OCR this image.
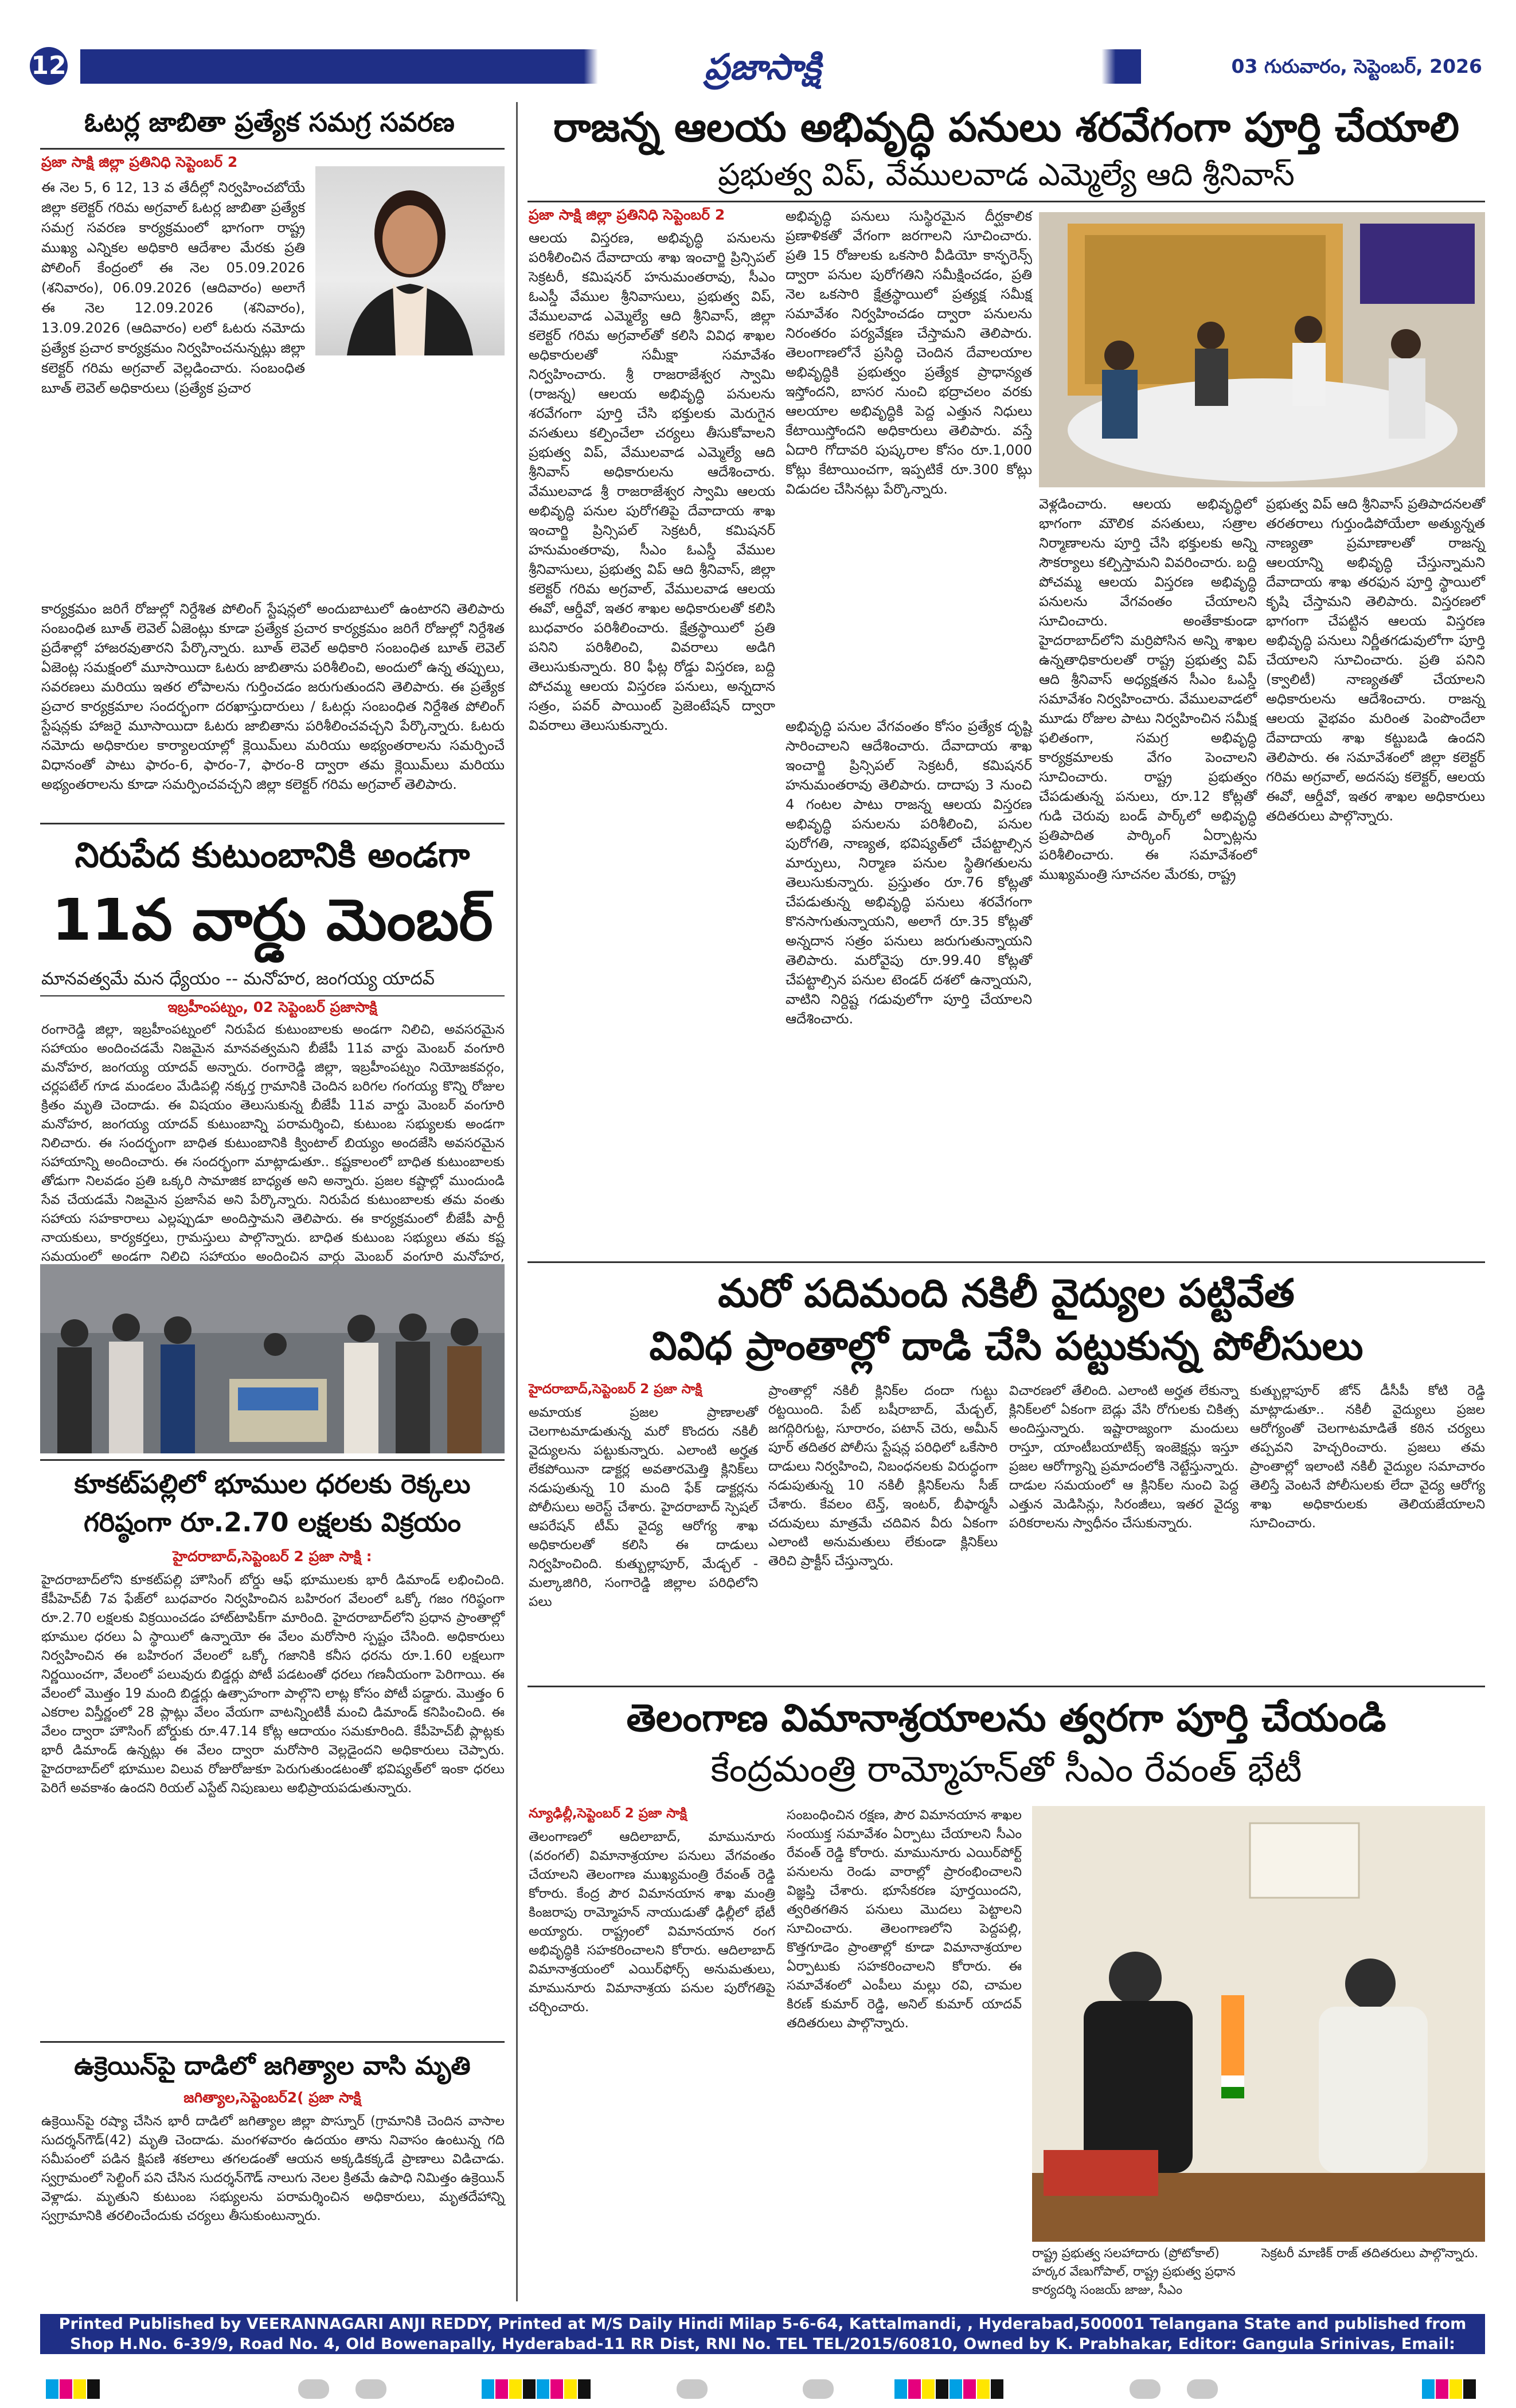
12	ప్రజాసాక్షి	03 గురువారం, సెప్టెంబర్, 2026
ఓటర్ల జాబితా ప్రత్యేక సమగ్ర సవరణ
ప్రజా సాక్షి జిల్లా ప్రతినిధి సెప్టెంబర్ 2

ఈ నెల 5, 6 12, 13 వ తేదీల్లో నిర్వహించబోయే జిల్లా కలెక్టర్ గరిమ అగ్రవాల్ ఓటర్ల జాబితా ప్రత్యేక సమగ్ర సవరణ కార్యక్రమంలో భాగంగా రాష్ట్ర ముఖ్య ఎన్నికల అధికారి ఆదేశాల మేరకు ప్రతి పోలింగ్ కేంద్రంలో ఈ నెల 05.09.2026 (శనివారం), 06.09.2026 (ఆదివారం) అలాగే ఈ నెల 12.09.2026 (శనివారం), 13.09.2026 (ఆదివారం) లలో ఓటరు నమోదు ప్రత్యేక ప్రచార కార్యక్రమం నిర్వహించనున్నట్లు జిల్లా కలెక్టర్ గరిమ అగ్రవాల్ వెల్లడించారు. సంబంధిత బూత్ లెవెల్ అధికారులు (ప్రత్యేక ప్రచార

కార్యక్రమం జరిగే రోజుల్లో నిర్దేశిత పోలింగ్ స్టేషన్లలో అందుబాటులో ఉంటారని తెలిపారు సంబంధిత బూత్ లెవెల్ ఏజెంట్లు కూడా ప్రత్యేక ప్రచార కార్యక్రమం జరిగే రోజుల్లో నిర్దేశిత ప్రదేశాల్లో హాజరవుతారని పేర్కొన్నారు. బూత్ లెవెల్ అధికారి సంబంధిత బూత్ లెవెల్ ఏజెంట్ల సమక్షంలో మూసాయిదా ఓటరు జాబితాను పరిశీలించి, అందులో ఉన్న తప్పులు, సవరణలు మరియు ఇతర లోపాలను గుర్తించడం జరుగుతుందని తెలిపారు. ఈ ప్రత్యేక ప్రచార కార్యక్రమాల సందర్భంగా దరఖాస్తుదారులు / ఓటర్లు సంబంధిత నిర్దేశిత పోలింగ్ స్టేషన్లకు హాజరై మూసాయిదా ఓటరు జాబితాను పరిశీలించవచ్చని పేర్కొన్నారు. ఓటరు నమోదు అధికారుల కార్యాలయాల్లో క్లెయిమ్‌లు మరియు అభ్యంతరాలను సమర్పించే విధానంతో పాటు ఫారం-6, ఫారం-7, ఫారం-8 ద్వారా తమ క్లెయిమ్‌లు మరియు అభ్యంతరాలను కూడా సమర్పించవచ్చని జిల్లా కలెక్టర్ గరిమ అగ్రవాల్ తెలిపారు.

నిరుపేద కుటుంబానికి అండగా
11వ వార్డు మెంబర్
మానవత్వమే మన ధ్యేయం -- మనోహర, జంగయ్య యాదవ్
ఇబ్రహీంపట్నం, 02 సెప్టెంబర్ ప్రజాసాక్షి

రంగారెడ్డి జిల్లా, ఇబ్రహీంపట్నంలో నిరుపేద కుటుంబాలకు అండగా నిలిచి, అవసరమైన సహాయం అందించడమే నిజమైన మానవత్వమని బీజేపీ 11వ వార్డు మెంబర్ వంగూరి మనోహర, జంగయ్య యాదవ్ అన్నారు. రంగారెడ్డి జిల్లా, ఇబ్రహీంపట్నం నియోజకవర్గం, చర్లపటేల్ గూడ మండలం మేడిపల్లి నక్కర్త గ్రామానికి చెందిన బరిగల గంగయ్య కొన్ని రోజుల క్రితం మృతి చెందాడు. ఈ విషయం తెలుసుకున్న బీజేపీ 11వ వార్డు మెంబర్ వంగూరి మనోహర, జంగయ్య యాదవ్ కుటుంబాన్ని పరామర్శించి, కుటుంబ సభ్యులకు అండగా నిలిచారు. ఈ సందర్భంగా బాధిత కుటుంబానికి క్వింటాల్ బియ్యం అందజేసి అవసరమైన సహాయాన్ని అందించారు. ఈ సందర్భంగా మాట్లాడుతూ.. కష్టకాలంలో బాధిత కుటుంబాలకు తోడుగా నిలవడం ప్రతి ఒక్కరి సామాజిక బాధ్యత అని అన్నారు. ప్రజల కష్టాల్లో ముందుండి సేవ చేయడమే నిజమైన ప్రజాసేవ అని పేర్కొన్నారు. నిరుపేద కుటుంబాలకు తమ వంతు సహాయ సహకారాలు ఎల్లప్పుడూ అందిస్తామని తెలిపారు. ఈ కార్యక్రమంలో బీజేపీ పార్టీ నాయకులు, కార్యకర్తలు, గ్రామస్తులు పాల్గొన్నారు. బాధిత కుటుంబ సభ్యులు తమ కష్ట సమయంలో అండగా నిలిచి సహాయం అందించిన వార్డు మెంబర్ వంగూరి మనోహర,

కూకట్‌పల్లిలో భూముల ధరలకు రెక్కలు
గరిష్ఠంగా రూ.2.70 లక్షలకు విక్రయం
హైదరాబాద్,సెప్టెంబర్ 2 ప్రజా సాక్షి :

హైదరాబాద్‌లోని కూకట్‌పల్లి హౌసింగ్ బోర్డు ఆఫ్ భూములకు భారీ డిమాండ్ లభించింది. కేపీహెచ్‌బీ 7వ ఫేజ్‌లో బుధవారం నిర్వహించిన బహిరంగ వేలంలో ఒక్కో గజం గరిష్ఠంగా రూ.2.70 లక్షలకు విక్రయించడం హాట్‌టాపిక్‌గా మారింది. హైదరాబాద్‌లోని ప్రధాన ప్రాంతాల్లో భూముల ధరలు ఏ స్థాయిలో ఉన్నాయో ఈ వేలం మరోసారి స్పష్టం చేసింది. అధికారులు నిర్వహించిన ఈ బహిరంగ వేలంలో ఒక్కో గజానికి కనీస ధరను రూ.1.60 లక్షలుగా నిర్ణయించగా, వేలంలో పలువురు బిడ్డర్లు పోటీ పడటంతో ధరలు గణనీయంగా పెరిగాయి. ఈ వేలంలో మొత్తం 19 మంది బిడ్డర్లు ఉత్సాహంగా పాల్గొని లాట్ల కోసం పోటీ పడ్డారు. మొత్తం 6 ఎకరాల విస్తీర్ణంలో 28 ప్లాట్లు వేలం వేయగా వాటన్నింటికీ మంచి డిమాండ్ కనిపించింది. ఈ వేలం ద్వారా హౌసింగ్ బోర్డుకు రూ.47.14 కోట్ల ఆదాయం సమకూరింది. కేపీహెచ్‌బీ ప్లాట్లకు భారీ డిమాండ్ ఉన్నట్లు ఈ వేలం ద్వారా మరోసారి వెల్లడైందని అధికారులు చెప్పారు. హైదరాబాద్‌లో భూముల విలువ రోజురోజుకూ పెరుగుతుండటంతో భవిష్యత్‌లో ఇంకా ధరలు పెరిగే అవకాశం ఉందని రియల్ ఎస్టేట్ నిపుణులు అభిప్రాయపడుతున్నారు.

ఉక్రెయిన్‌పై దాడిలో జగిత్యాల వాసి మృతి
జగిత్యాల,సెప్టెంబర్2( ప్రజా సాక్షి

ఉక్రెయిన్‌పై రష్యా చేసిన భారీ దాడిలో జగిత్యాల జిల్లా పొస్నూర్ (గ్రామానికి చెందిన వాసాల సుదర్శన్‌గౌడ్(42) మృతి చెందాడు. మంగళవారం ఉదయం తాను నివాసం ఉంటున్న గది సమీపంలో పడిన క్షిపణి శకలాలు తగలడంతో ఆయన అక్కడికక్కడే ప్రాణాలు విడిచాడు. స్వగ్రామంలో సెల్టింగ్ పని చేసిన సుదర్శన్‌గౌడ్ నాలుగు నెలల క్రితమే ఉపాధి నిమిత్తం ఉక్రెయిన్ వెళ్లాడు. మృతుని కుటుంబ సభ్యులను పరామర్శించిన అధికారులు, మృతదేహాన్ని స్వగ్రామానికి తరలించేందుకు చర్యలు తీసుకుంటున్నారు.

రాజన్న ఆలయ అభివృద్ధి పనులు శరవేగంగా పూర్తి చేయాలి
ప్రభుత్వ విప్, వేములవాడ ఎమ్మెల్యే ఆది శ్రీనివాస్
ప్రజా సాక్షి జిల్లా ప్రతినిధి సెప్టెంబర్ 2

ఆలయ విస్తరణ, అభివృద్ధి పనులను పరిశీలించిన దేవాదాయ శాఖ ఇంచార్జి ప్రిన్సిపల్ సెక్రటరీ, కమిషనర్ హనుమంతరావు, సీఎం ఓఎస్డీ వేముల శ్రీనివాసులు, ప్రభుత్వ విప్, వేములవాడ ఎమ్మెల్యే ఆది శ్రీనివాస్, జిల్లా కలెక్టర్ గరిమ అగ్రవాల్‌తో కలిసి వివిధ శాఖల అధికారులతో సమీక్షా సమావేశం నిర్వహించారు. శ్రీ రాజరాజేశ్వర స్వామి (రాజన్న) ఆలయ అభివృద్ధి పనులను శరవేగంగా పూర్తి చేసి భక్తులకు మెరుగైన వసతులు కల్పించేలా చర్యలు తీసుకోవాలని ప్రభుత్వ విప్, వేములవాడ ఎమ్మెల్యే ఆది శ్రీనివాస్ అధికారులను ఆదేశించారు. వేములవాడ శ్రీ రాజరాజేశ్వర స్వామి ఆలయ అభివృద్ధి పనుల పురోగతిపై దేవాదాయ శాఖ ఇంచార్జి ప్రిన్సిపల్ సెక్రటరీ, కమిషనర్ హనుమంతరావు, సీఎం ఓఎస్డీ వేముల శ్రీనివాసులు, ప్రభుత్వ విప్ ఆది శ్రీనివాస్, జిల్లా కలెక్టర్ గరిమ అగ్రవాల్, వేములవాడ ఆలయ ఈవో, ఆర్డీవో, ఇతర శాఖల అధికారులతో కలిసి బుధవారం పరిశీలించారు. క్షేత్రస్థాయిలో ప్రతి పనిని పరిశీలించి, వివరాలు అడిగి తెలుసుకున్నారు. 80 ఫీట్ల రోడ్డు విస్తరణ, బద్ది పోచమ్మ ఆలయ విస్తరణ పనులు, అన్నదాన సత్రం, పవర్ పాయింట్ ప్రెజెంటేషన్ ద్వారా వివరాలు తెలుసుకున్నారు.	అభివృద్ధి పనుల వేగవంతం కోసం ప్రత్యేక దృష్టి సారించాలని ఆదేశించారు. దేవాదాయ శాఖ ఇంచార్జి ప్రిన్సిపల్ సెక్రటరీ, కమిషనర్ హనుమంతరావు తెలిపారు. దాదాపు 3 నుంచి 4 గంటల పాటు రాజన్న ఆలయ విస్తరణ అభివృద్ధి పనులను పరిశీలించి, పనుల పురోగతి, నాణ్యత, భవిష్యత్‌లో చేపట్టాల్సిన మార్పులు, నిర్మాణ పనుల స్థితిగతులను తెలుసుకున్నారు. ప్రస్తుతం రూ.76 కోట్లతో చేపడుతున్న అభివృద్ధి పనులు శరవేగంగా కొనసాగుతున్నాయని, అలాగే రూ.35 కోట్లతో అన్నదాన సత్రం పనులు జరుగుతున్నాయని తెలిపారు. మరోవైపు రూ.99.40 కోట్లతో చేపట్టాల్సిన పనుల టెండర్ దశలో ఉన్నాయని, వాటిని నిర్దిష్ట గడువులోగా పూర్తి చేయాలని ఆదేశించారు.

అభివృద్ధి పనులు సుస్థిరమైన దీర్ఘకాలిక ప్రణాళికతో వేగంగా జరగాలని సూచించారు. ప్రతి 15 రోజులకు ఒకసారి వీడియో కాన్ఫరెన్స్ ద్వారా పనుల పురోగతిని సమీక్షించడం, ప్రతి నెల ఒకసారి క్షేత్రస్థాయిలో ప్రత్యక్ష సమీక్ష సమావేశం నిర్వహించడం ద్వారా పనులను నిరంతరం పర్యవేక్షణ చేస్తామని తెలిపారు. తెలంగాణలోనే ప్రసిద్ధి చెందిన దేవాలయాల అభివృద్ధికి ప్రభుత్వం ప్రత్యేక ప్రాధాన్యత ఇస్తోందని, బాసర నుంచి భద్రాచలం వరకు ఆలయాల అభివృద్ధికి పెద్ద ఎత్తున నిధులు కేటాయిస్తోందని అధికారులు తెలిపారు. వస్తే ఏదారి గోదావరి పుష్కరాల కోసం రూ.1,000 కోట్లు కేటాయించగా, ఇప్పటికే రూ.300 కోట్లు విడుదల చేసినట్లు పేర్కొన్నారు.

వెళ్లడించారు. ఆలయ అభివృద్ధిలో భాగంగా మౌలిక వసతులు, సత్రాల నిర్మాణాలను పూర్తి చేసి భక్తులకు అన్ని సౌకర్యాలు కల్పిస్తామని వివరించారు. బద్ది పోచమ్మ ఆలయ విస్తరణ అభివృద్ధి పనులను వేగవంతం చేయాలని సూచించారు. అంతేకాకుండా హైదరాబాద్‌లోని మర్రిపోసిన అన్ని శాఖల ఉన్నతాధికారులతో రాష్ట్ర ప్రభుత్వ విప్ ఆది శ్రీనివాస్ అధ్యక్షతన సీఎం ఓఎస్డీ సమావేశం నిర్వహించారు. వేములవాడలో మూడు రోజుల పాటు నిర్వహించిన సమీక్ష ఫలితంగా, సమగ్ర అభివృద్ధి కార్యక్రమాలకు వేగం పెంచాలని సూచించారు. రాష్ట్ర ప్రభుత్వం చేపడుతున్న పనులు, రూ.12 కోట్లతో గుడి చెరువు బండ్ పార్క్‌లో అభివృద్ధి ప్రతిపాదిత పార్కింగ్ ఏర్పాట్లను పరిశీలించారు. ఈ సమావేశంలో ముఖ్యమంత్రి సూచనల మేరకు, రాష్ట్ర

ప్రభుత్వ విప్ ఆది శ్రీనివాస్ ప్రతిపాదనలతో తరతరాలు గుర్తుండిపోయేలా అత్యున్నత నాణ్యతా ప్రమాణాలతో రాజన్న ఆలయాన్ని అభివృద్ధి చేస్తున్నామని దేవాదాయ శాఖ తరఫున పూర్తి స్థాయిలో కృషి చేస్తామని తెలిపారు. విస్తరణలో భాగంగా చేపట్టిన ఆలయ విస్తరణ అభివృద్ధి పనులు నిర్ణీతగడువులోగా పూర్తి చేయాలని సూచించారు. ప్రతి పనిని (క్వాలిటీ) నాణ్యతతో చేయాలని అధికారులను ఆదేశించారు. రాజన్న ఆలయ వైభవం మరింత పెంపొందేలా దేవాదాయ శాఖ కట్టుబడి ఉందని తెలిపారు. ఈ సమావేశంలో జిల్లా కలెక్టర్ గరిమ అగ్రవాల్, అదనపు కలెక్టర్, ఆలయ ఈవో, ఆర్డీవో, ఇతర శాఖల అధికారులు తదితరులు పాల్గొన్నారు.

మరో పదిమంది నకిలీ వైద్యుల పట్టివేత
వివిధ ప్రాంతాల్లో దాడి చేసి పట్టుకున్న పోలీసులు
హైదరాబాద్,సెప్టెంబర్ 2 ప్రజా సాక్షి

అమాయక ప్రజల ప్రాణాలతో చెలగాటమాడుతున్న మరో కొందరు నకిలీ వైద్యులను పట్టుకున్నారు. ఎలాంటి అర్హత లేకపోయినా డాక్టర్ల అవతారమెత్తి క్లినిక్‌లు నడుపుతున్న 10 మంది ఫేక్ డాక్టర్లను పోలీసులు అరెస్ట్ చేశారు. హైదరాబాద్ స్పెషల్ ఆపరేషన్ టీమ్ వైద్య ఆరోగ్య శాఖ అధికారులతో కలిసి ఈ దాడులు నిర్వహించింది. కుత్బుల్లాపూర్, మేడ్చల్ - మల్కాజిగిరి, సంగారెడ్డి జిల్లాల పరిధిలోని పలు

ప్రాంతాల్లో నకిలీ క్లినిక్‌ల దందా గుట్టు రట్టయింది. పేట్ బషీరాబాద్, మేడ్చల్, జగద్గిరిగుట్ట, సూరారం, పటాన్ చెరు, అమీన్ పూర్ తదితర పోలీసు స్టేషన్ల పరిధిలో ఒకేసారి దాడులు నిర్వహించి, నిబంధనలకు విరుద్ధంగా నడుపుతున్న 10 నకిలీ క్లినిక్‌లను సీజ్ చేశారు. కేవలం టెన్త్, ఇంటర్, బీఫార్మసీ చదువులు మాత్రమే చదివిన వీరు ఏకంగా ఎలాంటి అనుమతులు లేకుండా క్లినిక్‌లు తెరిచి ప్రాక్టీస్ చేస్తున్నారు.

విచారణలో తేలింది. ఎలాంటి అర్హత లేకున్నా క్లినిక్‌లలో ఏకంగా బెడ్లు వేసి రోగులకు చికిత్స అందిస్తున్నారు. ఇష్టారాజ్యంగా మందులు రాస్తూ, యాంటీబయాటిక్స్ ఇంజెక్షన్లు ఇస్తూ ప్రజల ఆరోగ్యాన్ని ప్రమాదంలోకి నెట్టేస్తున్నారు. దాడుల సమయంలో ఆ క్లినిక్‌ల నుంచి పెద్ద ఎత్తున మెడిసిన్లు, సిరంజీలు, ఇతర వైద్య పరికరాలను స్వాధీనం చేసుకున్నారు.

కుత్బుల్లాపూర్ జోన్ డీసీపీ కోటి రెడ్డి మాట్లాడుతూ.. నకిలీ వైద్యులు ప్రజల ఆరోగ్యంతో చెలగాటమాడితే కఠిన చర్యలు తప్పవని హెచ్చరించారు. ప్రజలు తమ ప్రాంతాల్లో ఇలాంటి నకిలీ వైద్యుల సమాచారం తెలిస్తే వెంటనే పోలీసులకు లేదా వైద్య ఆరోగ్య శాఖ అధికారులకు తెలియజేయాలని సూచించారు.

తెలంగాణ విమానాశ్రయాలను త్వరగా పూర్తి చేయండి
కేంద్రమంత్రి రామ్మోహన్‌తో సీఎం రేవంత్ భేటీ
న్యూఢిల్లీ,సెప్టెంబర్ 2 ప్రజా సాక్షి

తెలంగాణలో ఆదిలాబాద్, మామునూరు (వరంగల్) విమానాశ్రయాల పనులు వేగవంతం చేయాలని తెలంగాణ ముఖ్యమంత్రి రేవంత్ రెడ్డి కోరారు. కేంద్ర పౌర విమానయాన శాఖ మంత్రి కింజరాపు రామ్మోహన్ నాయుడుతో ఢిల్లీలో భేటీ అయ్యారు. రాష్ట్రంలో విమానయాన రంగ అభివృద్ధికి సహకరించాలని కోరారు. ఆదిలాబాద్ విమానాశ్రయంలో ఎయిర్‌ఫోర్స్ అనుమతులు, మామునూరు విమానాశ్రయ పనుల పురోగతిపై చర్చించారు.

సంబంధించిన రక్షణ, పౌర విమానయాన శాఖల సంయుక్త సమావేశం ఏర్పాటు చేయాలని సీఎం రేవంత్ రెడ్డి కోరారు. మామునూరు ఎయిర్‌పోర్ట్ పనులను రెండు వారాల్లో ప్రారంభించాలని విజ్ఞప్తి చేశారు. భూసేకరణ పూర్తయిందని, త్వరితగతిన పనులు మొదలు పెట్టాలని సూచించారు. తెలంగాణలోని పెద్దపల్లి, కొత్తగూడెం ప్రాంతాల్లో కూడా విమానాశ్రయాల ఏర్పాటుకు సహకరించాలని కోరారు. ఈ సమావేశంలో ఎంపీలు మల్లు రవి, చామల కిరణ్ కుమార్ రెడ్డి, అనిల్ కుమార్ యాదవ్ తదితరులు పాల్గొన్నారు.

రాష్ట్ర ప్రభుత్వ సలహాదారు (ప్రోటోకాల్) హర్కర వేణుగోపాల్, రాష్ట్ర ప్రభుత్వ ప్రధాన కార్యదర్శి సంజయ్ జాజు, సీఎం
సెక్రటరీ మాణిక్ రాజ్ తదితరులు పాల్గొన్నారు.
Printed Published by VEERANNAGARI ANJI REDDY, Printed at M/S Daily Hindi Milap 5-6-64, Kattalmandi, , Hyderabad,500001 Telangana State and published from Shop H.No. 6-39/9, Road No. 4, Old Bowenapally, Hyderabad-11 RR Dist, RNI No. TEL TEL/2015/60810, Owned by K. Prabhakar, Editor: Gangula Srinivas, Email: Prajaasakshi@gmail.com, Ph.No. 040-23327107
